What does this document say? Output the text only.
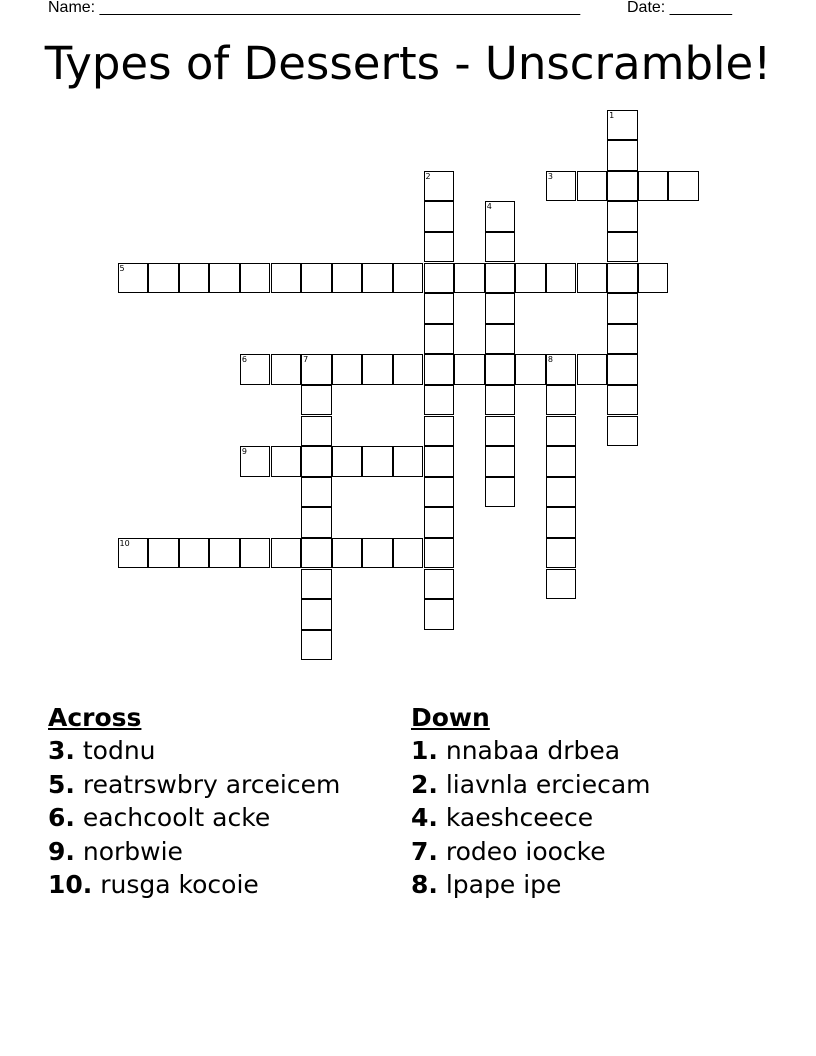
Name: ______________________________________________________	Date: _______
Types of Desserts - Unscramble!
1
2	3
4
5
6	7	8
9
10
Across
3. todnu
5. reatrswbry arceicem
6. eachcoolt acke
9. norbwie
10. rusga kocoie
Down
1. nnabaa drbea
2. liavnla erciecam
4. kaeshceece
7. rodeo ioocke
8. lpape ipe
